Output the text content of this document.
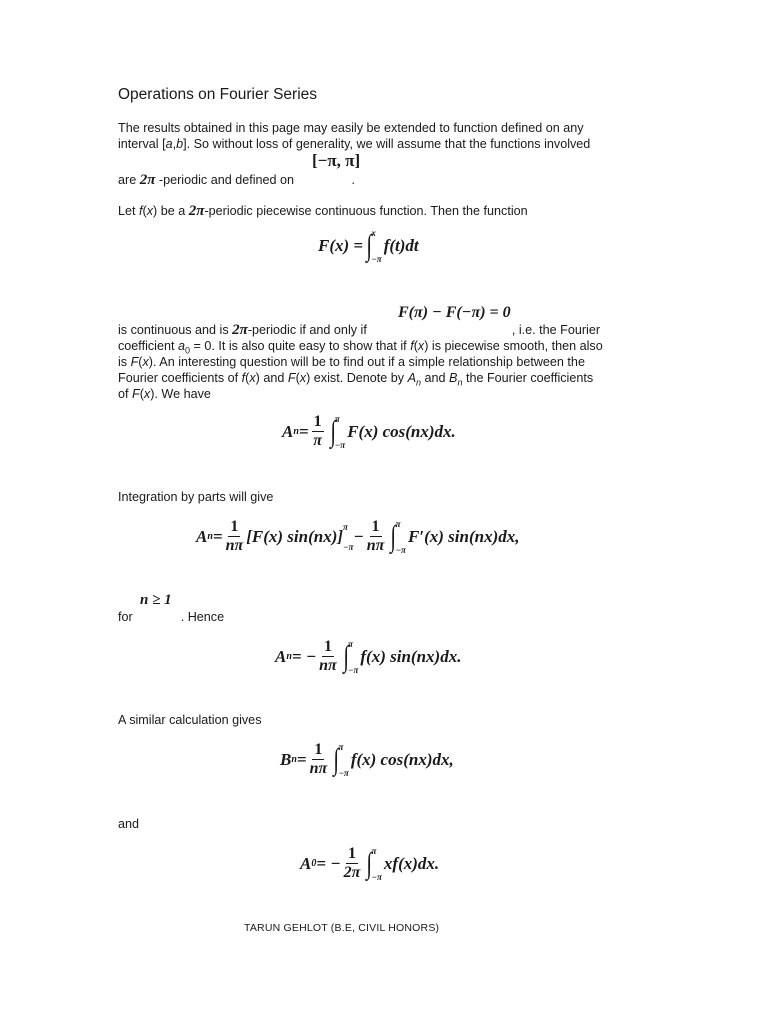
Operations on Fourier Series
The results obtained in this page may easily be extended to function defined on any
interval [a,b]. So without loss of generality, we will assume that the functions involved
[−π, π]
are 2π -periodic and defined on	.
Let f(x) be a 2π-periodic piecewise continuous function. Then the function
F(x) = ∫ x
−π
f(t)dt
F(π) − F(−π) = 0
is continuous and is 2π-periodic if and only if	, i.e. the Fourier
coefficient $a_0 = 0$. It is also quite easy to show that if f(x) is piecewise smooth, then also
is F(x). An interesting question will be to find out if a simple relationship between the
Fourier coefficients of f(x) and F(x) exist. Denote by $A_n$ and $B_n$ the Fourier coefficients
of F(x). We have
A $n = \frac{1}{\pi}$ ∫ π
−π
F(x) cos(nx)dx.
Integration by parts will give
A $n = \frac{1}{n\pi} [F(x)$ sin(nx)] π
−π
− $\frac{1}{n\pi}$ ∫ π
−π
F′(x) sin(nx)dx,
n ≥ 1
for	. Hence
A n = − $\frac{1}{n\pi}$ ∫ π
−π
f(x) sin(nx)dx.
A similar calculation gives
B $n = \frac{1}{n\pi}$ ∫ π
−π
f(x) cos(nx)dx,
and
A 0 = − $\frac{1}{2\pi}$ ∫ π
−π
xf(x)dx.
TARUN GEHLOT (B.E, CIVIL HONORS)
